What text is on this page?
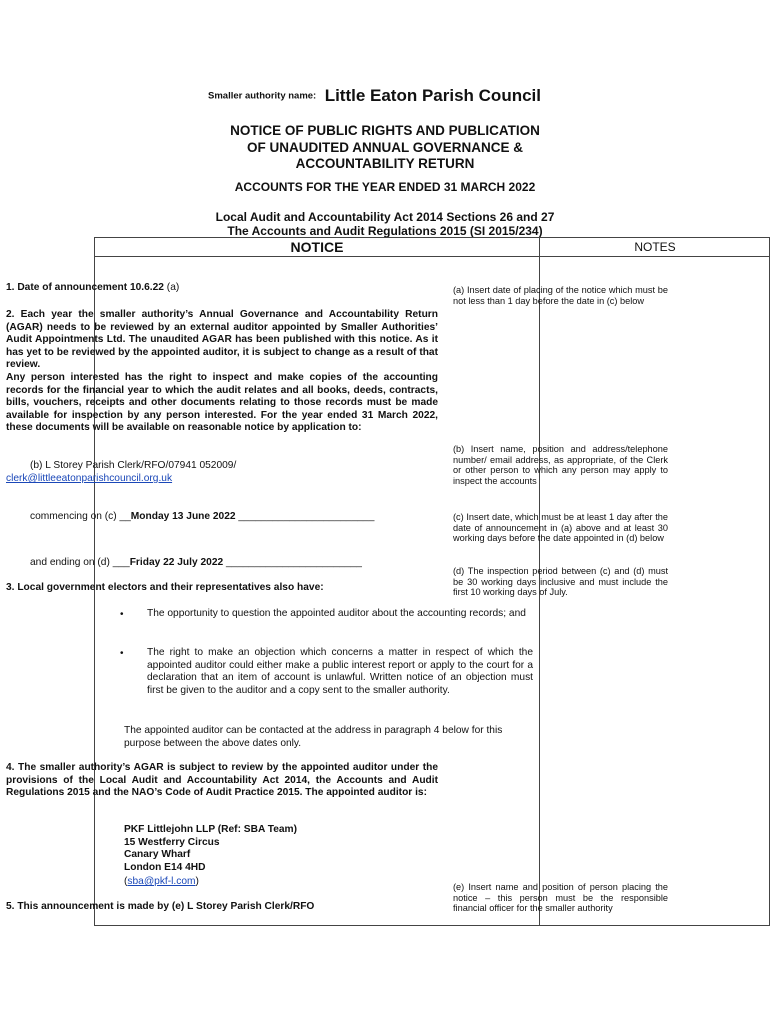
Smaller authority name: Little Eaton Parish Council
NOTICE OF PUBLIC RIGHTS AND PUBLICATION
OF UNAUDITED ANNUAL GOVERNANCE &
ACCOUNTABILITY RETURN
ACCOUNTS FOR THE YEAR ENDED 31 MARCH 2022
Local Audit and Accountability Act 2014 Sections 26 and 27
The Accounts and Audit Regulations 2015 (SI 2015/234)
NOTICE	NOTES
1. Date of announcement 10.6.22 (a)
2. Each year the smaller authority’s Annual Governance and Accountability Return (AGAR) needs to be reviewed by an external auditor appointed by Smaller Authorities’ Audit Appointments Ltd. The unaudited AGAR has been published with this notice. As it has yet to be reviewed by the appointed auditor, it is subject to change as a result of that review.
Any person interested has the right to inspect and make copies of the accounting records for the financial year to which the audit relates and all books, deeds, contracts, bills, vouchers, receipts and other documents relating to those records must be made available for inspection by any person interested. For the year ended 31 March 2022, these documents will be available on reasonable notice by application to:
(b) L Storey Parish Clerk/RFO/07941 052009/
clerk@littleeatonparishcouncil.org.uk
commencing on (c) __Monday 13 June 2022 ________________________
and ending on (d) ___Friday 22 July 2022 ________________________
3. Local government electors and their representatives also have:
• The opportunity to question the appointed auditor about the accounting records; and
• The right to make an objection which concerns a matter in respect of which the appointed auditor could either make a public interest report or apply to the court for a declaration that an item of account is unlawful. Written notice of an objection must first be given to the auditor and a copy sent to the smaller authority.
The appointed auditor can be contacted at the address in paragraph 4 below for this purpose between the above dates only.
4. The smaller authority’s AGAR is subject to review by the appointed auditor under the provisions of the Local Audit and Accountability Act 2014, the Accounts and Audit Regulations 2015 and the NAO’s Code of Audit Practice 2015. The appointed auditor is:
PKF Littlejohn LLP (Ref: SBA Team)
15 Westferry Circus
Canary Wharf
London E14 4HD
(sba@pkf-l.com)
5. This announcement is made by (e) L Storey Parish Clerk/RFO
(a) Insert date of placing of the notice which must be not less than 1 day before the date in (c) below
(b) Insert name, position and address/telephone number/ email address, as appropriate, of the Clerk or other person to which any person may apply to inspect the accounts
(c) Insert date, which must be at least 1 day after the date of announcement in (a) above and at least 30 working days before the date appointed in (d) below
(d) The inspection period between (c) and (d) must be 30 working days inclusive and must include the first 10 working days of July.
(e) Insert name and position of person placing the notice – this person must be the responsible financial officer for the smaller authority
